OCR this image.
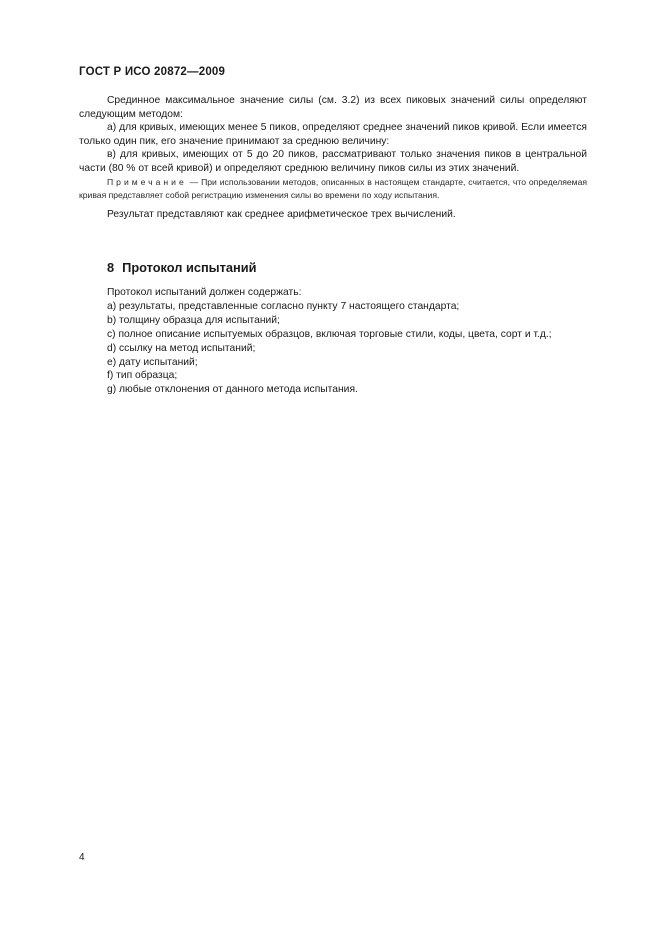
ГОСТ Р ИСО 20872—2009

Срединное максимальное значение силы (см. 3.2) из всех пиковых значений силы определяют следующим методом:

а) для кривых, имеющих менее 5 пиков, определяют среднее значений пиков кривой. Если имеется только один пик, его значение принимают за среднюю величину:

в) для кривых, имеющих от 5 до 20 пиков, рассматривают только значения пиков в центральной части (80 % от всей кривой) и определяют среднюю величину пиков силы из этих значений.

Примечание — При использовании методов, описанных в настоящем стандарте, считается, что определяемая кривая представляет собой регистрацию изменения силы во времени по ходу испытания.

Результат представляют как среднее арифметическое трех вычислений.

8 Протокол испытаний
Протокол испытаний должен содержать:
а) результаты, представленные согласно пункту 7 настоящего стандарта;
b) толщину образца для испытаний;
с) полное описание испытуемых образцов, включая торговые стили, коды, цвета, сорт и т.д.;
d) ссылку на метод испытаний;
е) дату испытаний;
f) тип образца;
g) любые отклонения от данного метода испытания.
4
